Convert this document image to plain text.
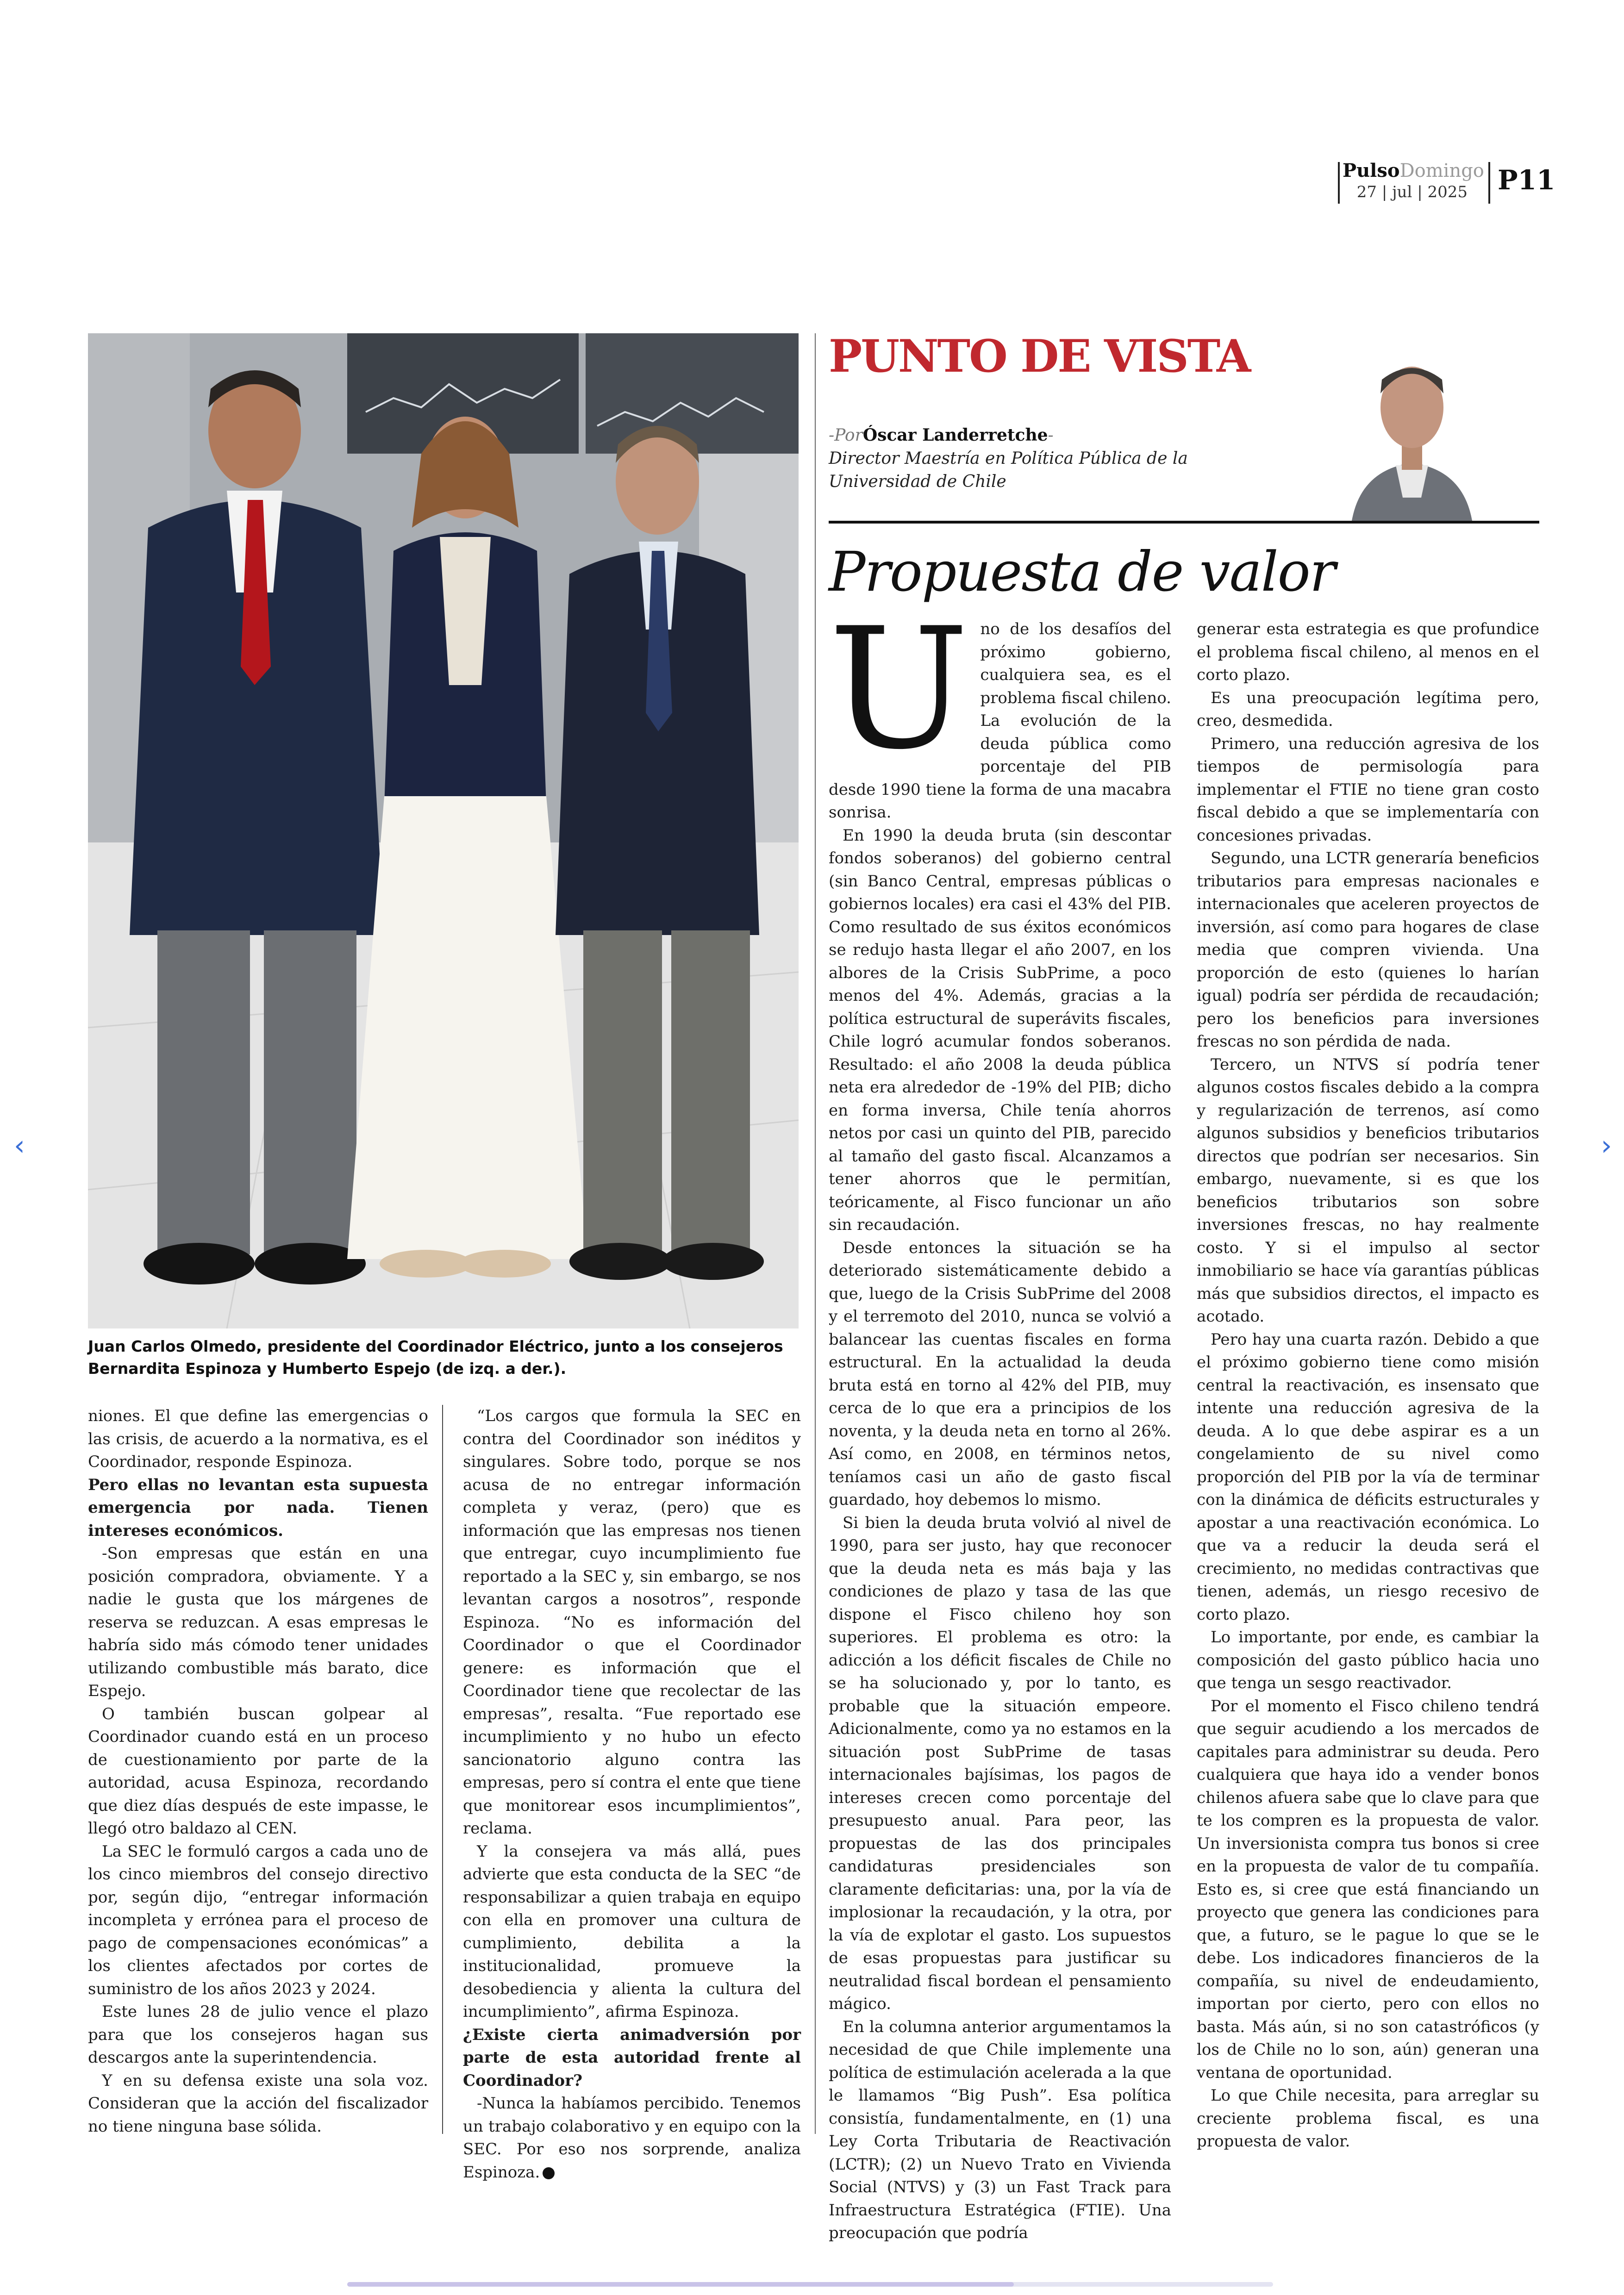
PulsoDomingo
27 | jul | 2025 P11
Juan Carlos Olmedo, presidente del Coordinador Eléctrico, junto a los consejeros Bernardita Espinoza y Humberto Espejo (de izq. a der.).

niones. El que define las emergencias o las crisis, de acuerdo a la normativa, es el Coordinador, responde Espinoza.

Pero ellas no levantan esta supuesta emergencia por nada. Tienen intereses económicos.

-Son empresas que están en una posición compradora, obviamente. Y a nadie le gusta que los márgenes de reserva se reduzcan. A esas empresas le habría sido más cómodo tener unidades utilizando combustible más barato, dice Espejo.

O también buscan golpear al Coordinador cuando está en un proceso de cuestionamiento por parte de la autoridad, acusa Espinoza, recordando que diez días después de este impasse, le llegó otro baldazo al CEN.

La SEC le formuló cargos a cada uno de los cinco miembros del consejo directivo por, según dijo, “entregar información incompleta y errónea para el proceso de pago de compensaciones económicas” a los clientes afectados por cortes de suministro de los años 2023 y 2024.

Este lunes 28 de julio vence el plazo para que los consejeros hagan sus descargos ante la superintendencia.

Y en su defensa existe una sola voz. Consideran que la acción del fiscalizador no tiene ninguna base sólida.

“Los cargos que formula la SEC en contra del Coordinador son inéditos y singulares. Sobre todo, porque se nos acusa de no entregar información completa y veraz, (pero) que es información que las empresas nos tienen que entregar, cuyo incumplimiento fue reportado a la SEC y, sin embargo, se nos levantan cargos a nosotros”, responde Espinoza. “No es información del Coordinador o que el Coordinador genere: es información que el Coordinador tiene que recolectar de las empresas”, resalta. “Fue reportado ese incumplimiento y no hubo un efecto sancionatorio alguno contra las empresas, pero sí contra el ente que tiene que monitorear esos incumplimientos”, reclama.

Y la consejera va más allá, pues advierte que esta conducta de la SEC “de responsabilizar a quien trabaja en equipo con ella en promover una cultura de cumplimiento, debilita a la institucionalidad, promueve la desobediencia y alienta la cultura del incumplimiento”, afirma Espinoza.

¿Existe cierta animadversión por parte de esta autoridad frente al Coordinador?

-Nunca la habíamos percibido. Tenemos un trabajo colaborativo y en equipo con la SEC. Por eso nos sorprende, analiza Espinoza. P

PUNTO DE VISTA
-PorÓscar Landerretche-
Director Maestría en Política Pública de la Universidad de Chile
Propuesta de valor
U no de los desafíos del próximo gobierno, cualquiera sea, es el problema fiscal chileno. La evolución de la deuda pública como porcentaje del PIB desde 1990 tiene la forma de una macabra sonrisa.

En 1990 la deuda bruta (sin descontar fondos soberanos) del gobierno central (sin Banco Central, empresas públicas o gobiernos locales) era casi el 43% del PIB. Como resultado de sus éxitos económicos se redujo hasta llegar el año 2007, en los albores de la Crisis SubPrime, a poco menos del 4%. Además, gracias a la política estructural de superávits fiscales, Chile logró acumular fondos soberanos. Resultado: el año 2008 la deuda pública neta era alrededor de -19% del PIB; dicho en forma inversa, Chile tenía ahorros netos por casi un quinto del PIB, parecido al tamaño del gasto fiscal. Alcanzamos a tener ahorros que le permitían, teóricamente, al Fisco funcionar un año sin recaudación.

Desde entonces la situación se ha deteriorado sistemáticamente debido a que, luego de la Crisis SubPrime del 2008 y el terremoto del 2010, nunca se volvió a balancear las cuentas fiscales en forma estructural. En la actualidad la deuda bruta está en torno al 42% del PIB, muy cerca de lo que era a principios de los noventa, y la deuda neta en torno al 26%. Así como, en 2008, en términos netos, teníamos casi un año de gasto fiscal guardado, hoy debemos lo mismo.

Si bien la deuda bruta volvió al nivel de 1990, para ser justo, hay que reconocer que la deuda neta es más baja y las condiciones de plazo y tasa de las que dispone el Fisco chileno hoy son superiores. El problema es otro: la adicción a los déficit fiscales de Chile no se ha solucionado y, por lo tanto, es probable que la situación empeore. Adicionalmente, como ya no estamos en la situación post SubPrime de tasas internacionales bajísimas, los pagos de intereses crecen como porcentaje del presupuesto anual. Para peor, las propuestas de las dos principales candidaturas presidenciales son claramente deficitarias: una, por la vía de implosionar la recaudación, y la otra, por la vía de explotar el gasto. Los supuestos de esas propuestas para justificar su neutralidad fiscal bordean el pensamiento mágico.

En la columna anterior argumentamos la necesidad de que Chile implemente una política de estimulación acelerada a la que le llamamos “Big Push”. Esa política consistía, fundamentalmente, en (1) una Ley Corta Tributaria de Reactivación (LCTR); (2) un Nuevo Trato en Vivienda Social (NTVS) y (3) un Fast Track para Infraestructura Estratégica (FTIE). Una preocupación que podría

generar esta estrategia es que profundice el problema fiscal chileno, al menos en el corto plazo.

Es una preocupación legítima pero, creo, desmedida.

Primero, una reducción agresiva de los tiempos de permisología para implementar el FTIE no tiene gran costo fiscal debido a que se implementaría con concesiones privadas.

Segundo, una LCTR generaría beneficios tributarios para empresas nacionales e internacionales que aceleren proyectos de inversión, así como para hogares de clase media que compren vivienda. Una proporción de esto (quienes lo harían igual) podría ser pérdida de recaudación; pero los beneficios para inversiones frescas no son pérdida de nada.

Tercero, un NTVS sí podría tener algunos costos fiscales debido a la compra y regularización de terrenos, así como algunos subsidios y beneficios tributarios directos que podrían ser necesarios. Sin embargo, nuevamente, si es que los beneficios tributarios son sobre inversiones frescas, no hay realmente costo. Y si el impulso al sector inmobiliario se hace vía garantías públicas más que subsidios directos, el impacto es acotado.

Pero hay una cuarta razón. Debido a que el próximo gobierno tiene como misión central la reactivación, es insensato que intente una reducción agresiva de la deuda. A lo que debe aspirar es a un congelamiento de su nivel como proporción del PIB por la vía de terminar con la dinámica de déficits estructurales y apostar a una reactivación económica. Lo que va a reducir la deuda será el crecimiento, no medidas contractivas que tienen, además, un riesgo recesivo de corto plazo.

Lo importante, por ende, es cambiar la composición del gasto público hacia uno que tenga un sesgo reactivador.

Por el momento el Fisco chileno tendrá que seguir acudiendo a los mercados de capitales para administrar su deuda. Pero cualquiera que haya ido a vender bonos chilenos afuera sabe que lo clave para que te los compren es la propuesta de valor. Un inversionista compra tus bonos si cree en la propuesta de valor de tu compañía. Esto es, si cree que está financiando un proyecto que genera las condiciones para que, a futuro, se le pague lo que se le debe. Los indicadores financieros de la compañía, su nivel de endeudamiento, importan por cierto, pero con ellos no basta. Más aún, si no son catastróficos (y los de Chile no lo son, aún) generan una ventana de oportunidad.

Lo que Chile necesita, para arreglar su creciente problema fiscal, es una propuesta de valor.

‹	›
